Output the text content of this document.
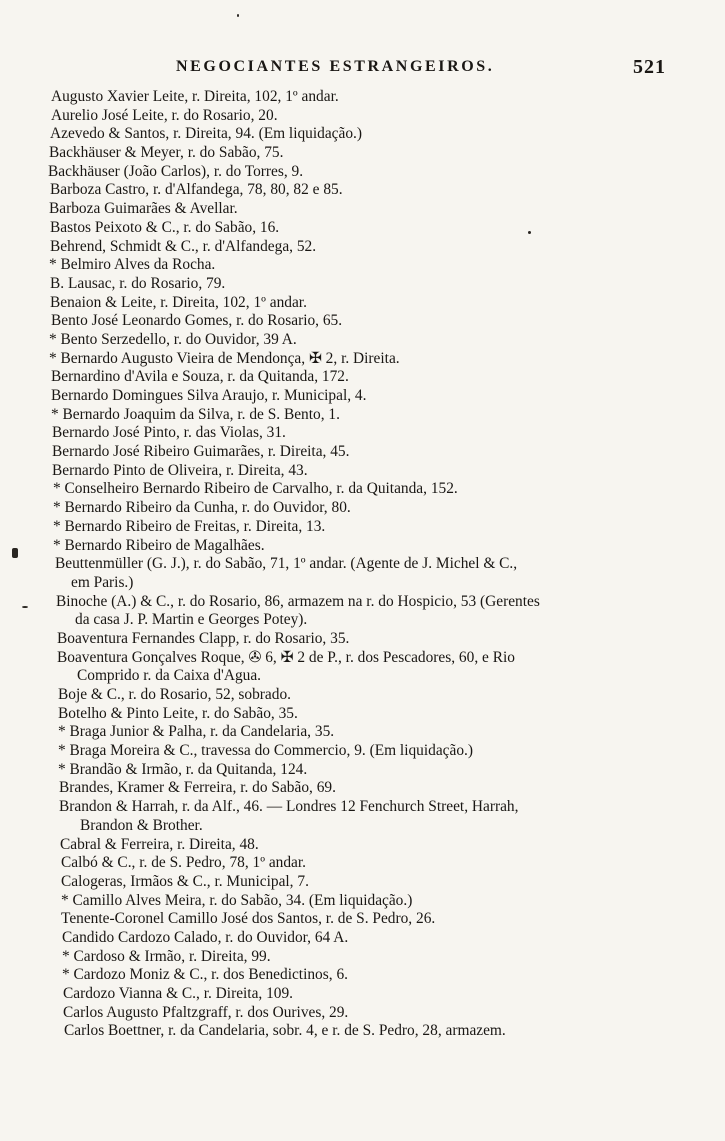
NEGOCIANTES ESTRANGEIROS.	521
Augusto Xavier Leite, r. Direita, 102, 1º andar.
Aurelio José Leite, r. do Rosario, 20.
Azevedo & Santos, r. Direita, 94. (Em liquidação.)
Backhäuser & Meyer, r. do Sabão, 75.
Backhäuser (João Carlos), r. do Torres, 9.
Barboza Castro, r. d'Alfandega, 78, 80, 82 e 85.
Barboza Guimarães & Avellar.
Bastos Peixoto & C., r. do Sabão, 16.
Behrend, Schmidt & C., r. d'Alfandega, 52.
* Belmiro Alves da Rocha.
B. Lausac, r. do Rosario, 79.
Benaion & Leite, r. Direita, 102, 1º andar.
Bento José Leonardo Gomes, r. do Rosario, 65.
* Bento Serzedello, r. do Ouvidor, 39 A.
* Bernardo Augusto Vieira de Mendonça, ✠ 2, r. Direita.
Bernardino d'Avila e Souza, r. da Quitanda, 172.
Bernardo Domingues Silva Araujo, r. Municipal, 4.
* Bernardo Joaquim da Silva, r. de S. Bento, 1.
Bernardo José Pinto, r. das Violas, 31.
Bernardo José Ribeiro Guimarães, r. Direita, 45.
Bernardo Pinto de Oliveira, r. Direita, 43.
* Conselheiro Bernardo Ribeiro de Carvalho, r. da Quitanda, 152.
* Bernardo Ribeiro da Cunha, r. do Ouvidor, 80.
* Bernardo Ribeiro de Freitas, r. Direita, 13.
* Bernardo Ribeiro de Magalhães.
Beuttenmüller (G. J.), r. do Sabão, 71, 1º andar. (Agente de J. Michel & C.,
em Paris.)
Binoche (A.) & C., r. do Rosario, 86, armazem na r. do Hospicio, 53 (Gerentes
da casa J. P. Martin e Georges Potey).
Boaventura Fernandes Clapp, r. do Rosario, 35.
Boaventura Gonçalves Roque, ✇ 6, ✠ 2 de P., r. dos Pescadores, 60, e Rio
Comprido r. da Caixa d'Agua.
Boje & C., r. do Rosario, 52, sobrado.
Botelho & Pinto Leite, r. do Sabão, 35.
* Braga Junior & Palha, r. da Candelaria, 35.
* Braga Moreira & C., travessa do Commercio, 9. (Em liquidação.)
* Brandão & Irmão, r. da Quitanda, 124.
Brandes, Kramer & Ferreira, r. do Sabão, 69.
Brandon & Harrah, r. da Alf., 46. — Londres 12 Fenchurch Street, Harrah,
Brandon & Brother.
Cabral & Ferreira, r. Direita, 48.
Calbó & C., r. de S. Pedro, 78, 1º andar.
Calogeras, Irmãos & C., r. Municipal, 7.
* Camillo Alves Meira, r. do Sabão, 34. (Em liquidação.)
Tenente-Coronel Camillo José dos Santos, r. de S. Pedro, 26.
Candido Cardozo Calado, r. do Ouvidor, 64 A.
* Cardoso & Irmão, r. Direita, 99.
* Cardozo Moniz & C., r. dos Benedictinos, 6.
Cardozo Vianna & C., r. Direita, 109.
Carlos Augusto Pfaltzgraff, r. dos Ourives, 29.
Carlos Boettner, r. da Candelaria, sobr. 4, e r. de S. Pedro, 28, armazem.
